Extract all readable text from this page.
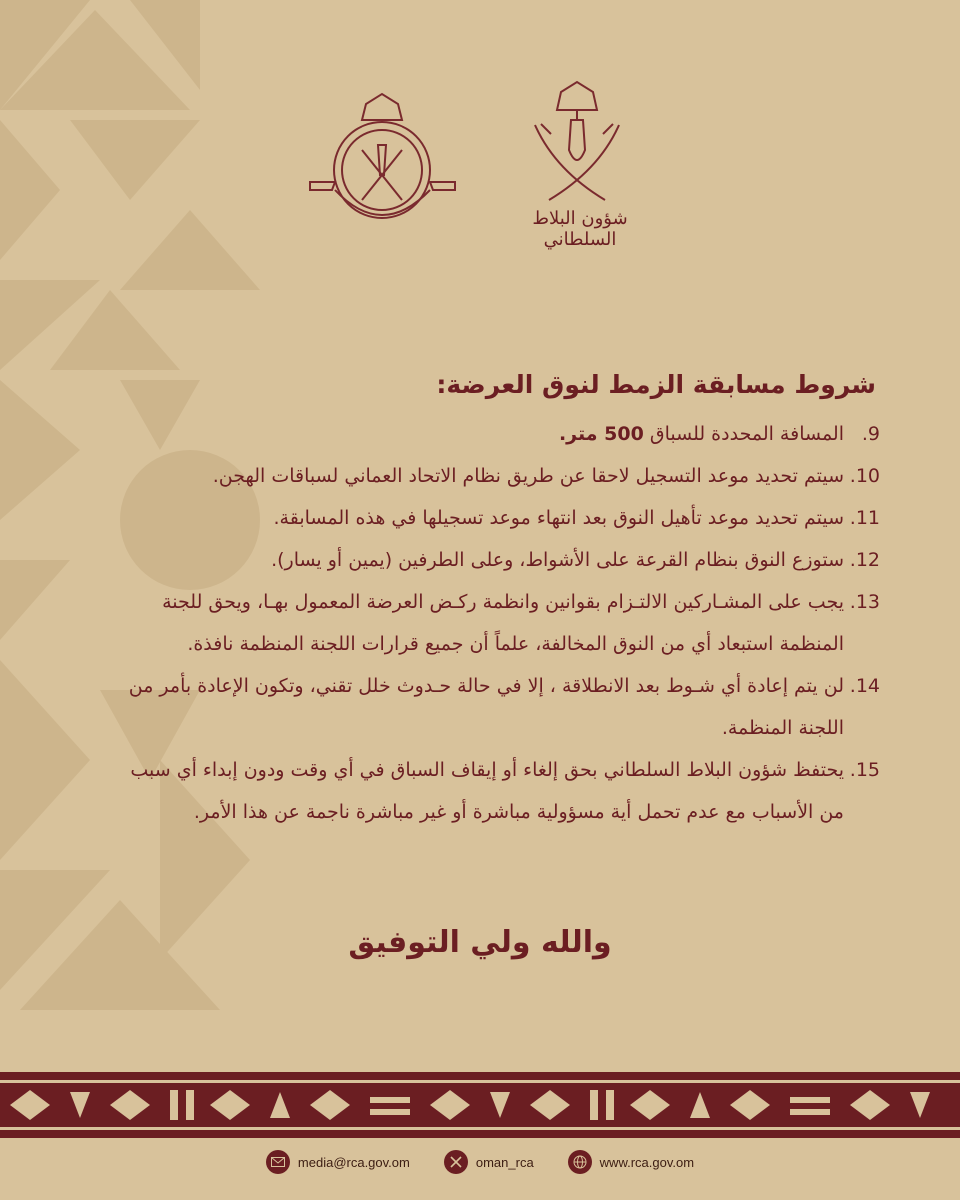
شؤون البلاط السلطاني
شروط مسابقة الزمط لنوق العرضة:
9.
المسافة المحددة للسباق 500 متر.
10.
سيتم تحديد موعد التسجيل لاحقا عن طريق نظام الاتحاد العماني لسباقات الهجن.
11.
سيتم تحديد موعد تأهيل النوق بعد انتهاء موعد تسجيلها في هذه المسابقة.
12.
ستوزع النوق بنظام القرعة على الأشواط، وعلى الطرفين (يمين أو يسار).
13.
يجب على المشـاركين الالتـزام بقوانين وانظمة ركـض العرضة المعمول بهـا، ويحق للجنة المنظمة استبعاد أي من النوق المخالفة، علماً أن جميع قرارات اللجنة المنظمة نافذة.
14.
لن يتم إعادة أي شـوط بعد الانطلاقة ، إلا في حالة حـدوث خلل تقني، وتكون الإعادة بأمر من اللجنة المنظمة.
15.
يحتفظ شؤون البلاط السلطاني بحق إلغاء أو إيقاف السباق في أي وقت ودون إبداء أي سبب من الأسباب مع عدم تحمل أية مسؤولية مباشرة أو غير مباشرة ناجمة عن هذا الأمر.
والله ولي التوفيق
media@rca.gov.om	oman_rca	www.rca.gov.om
